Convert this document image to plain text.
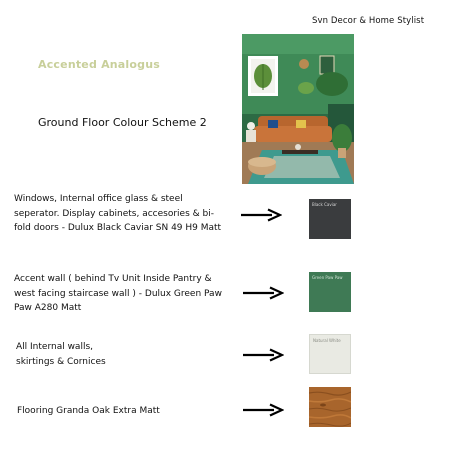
Svn Decor & Home Stylist
Accented Analogus
Ground Floor Colour Scheme 2
Windows, Internal office glass & steel seperator. Display cabinets, accesories & bi-fold doors - Dulux Black Caviar SN 49 H9 Matt
Black Caviar
Accent wall ( behind Tv Unit Inside Pantry & west facing staircase wall ) - Dulux Green Paw Paw A280 Matt
Green Paw Paw
All Internal walls, skirtings & Cornices
Natural White
Flooring Granda Oak Extra Matt
